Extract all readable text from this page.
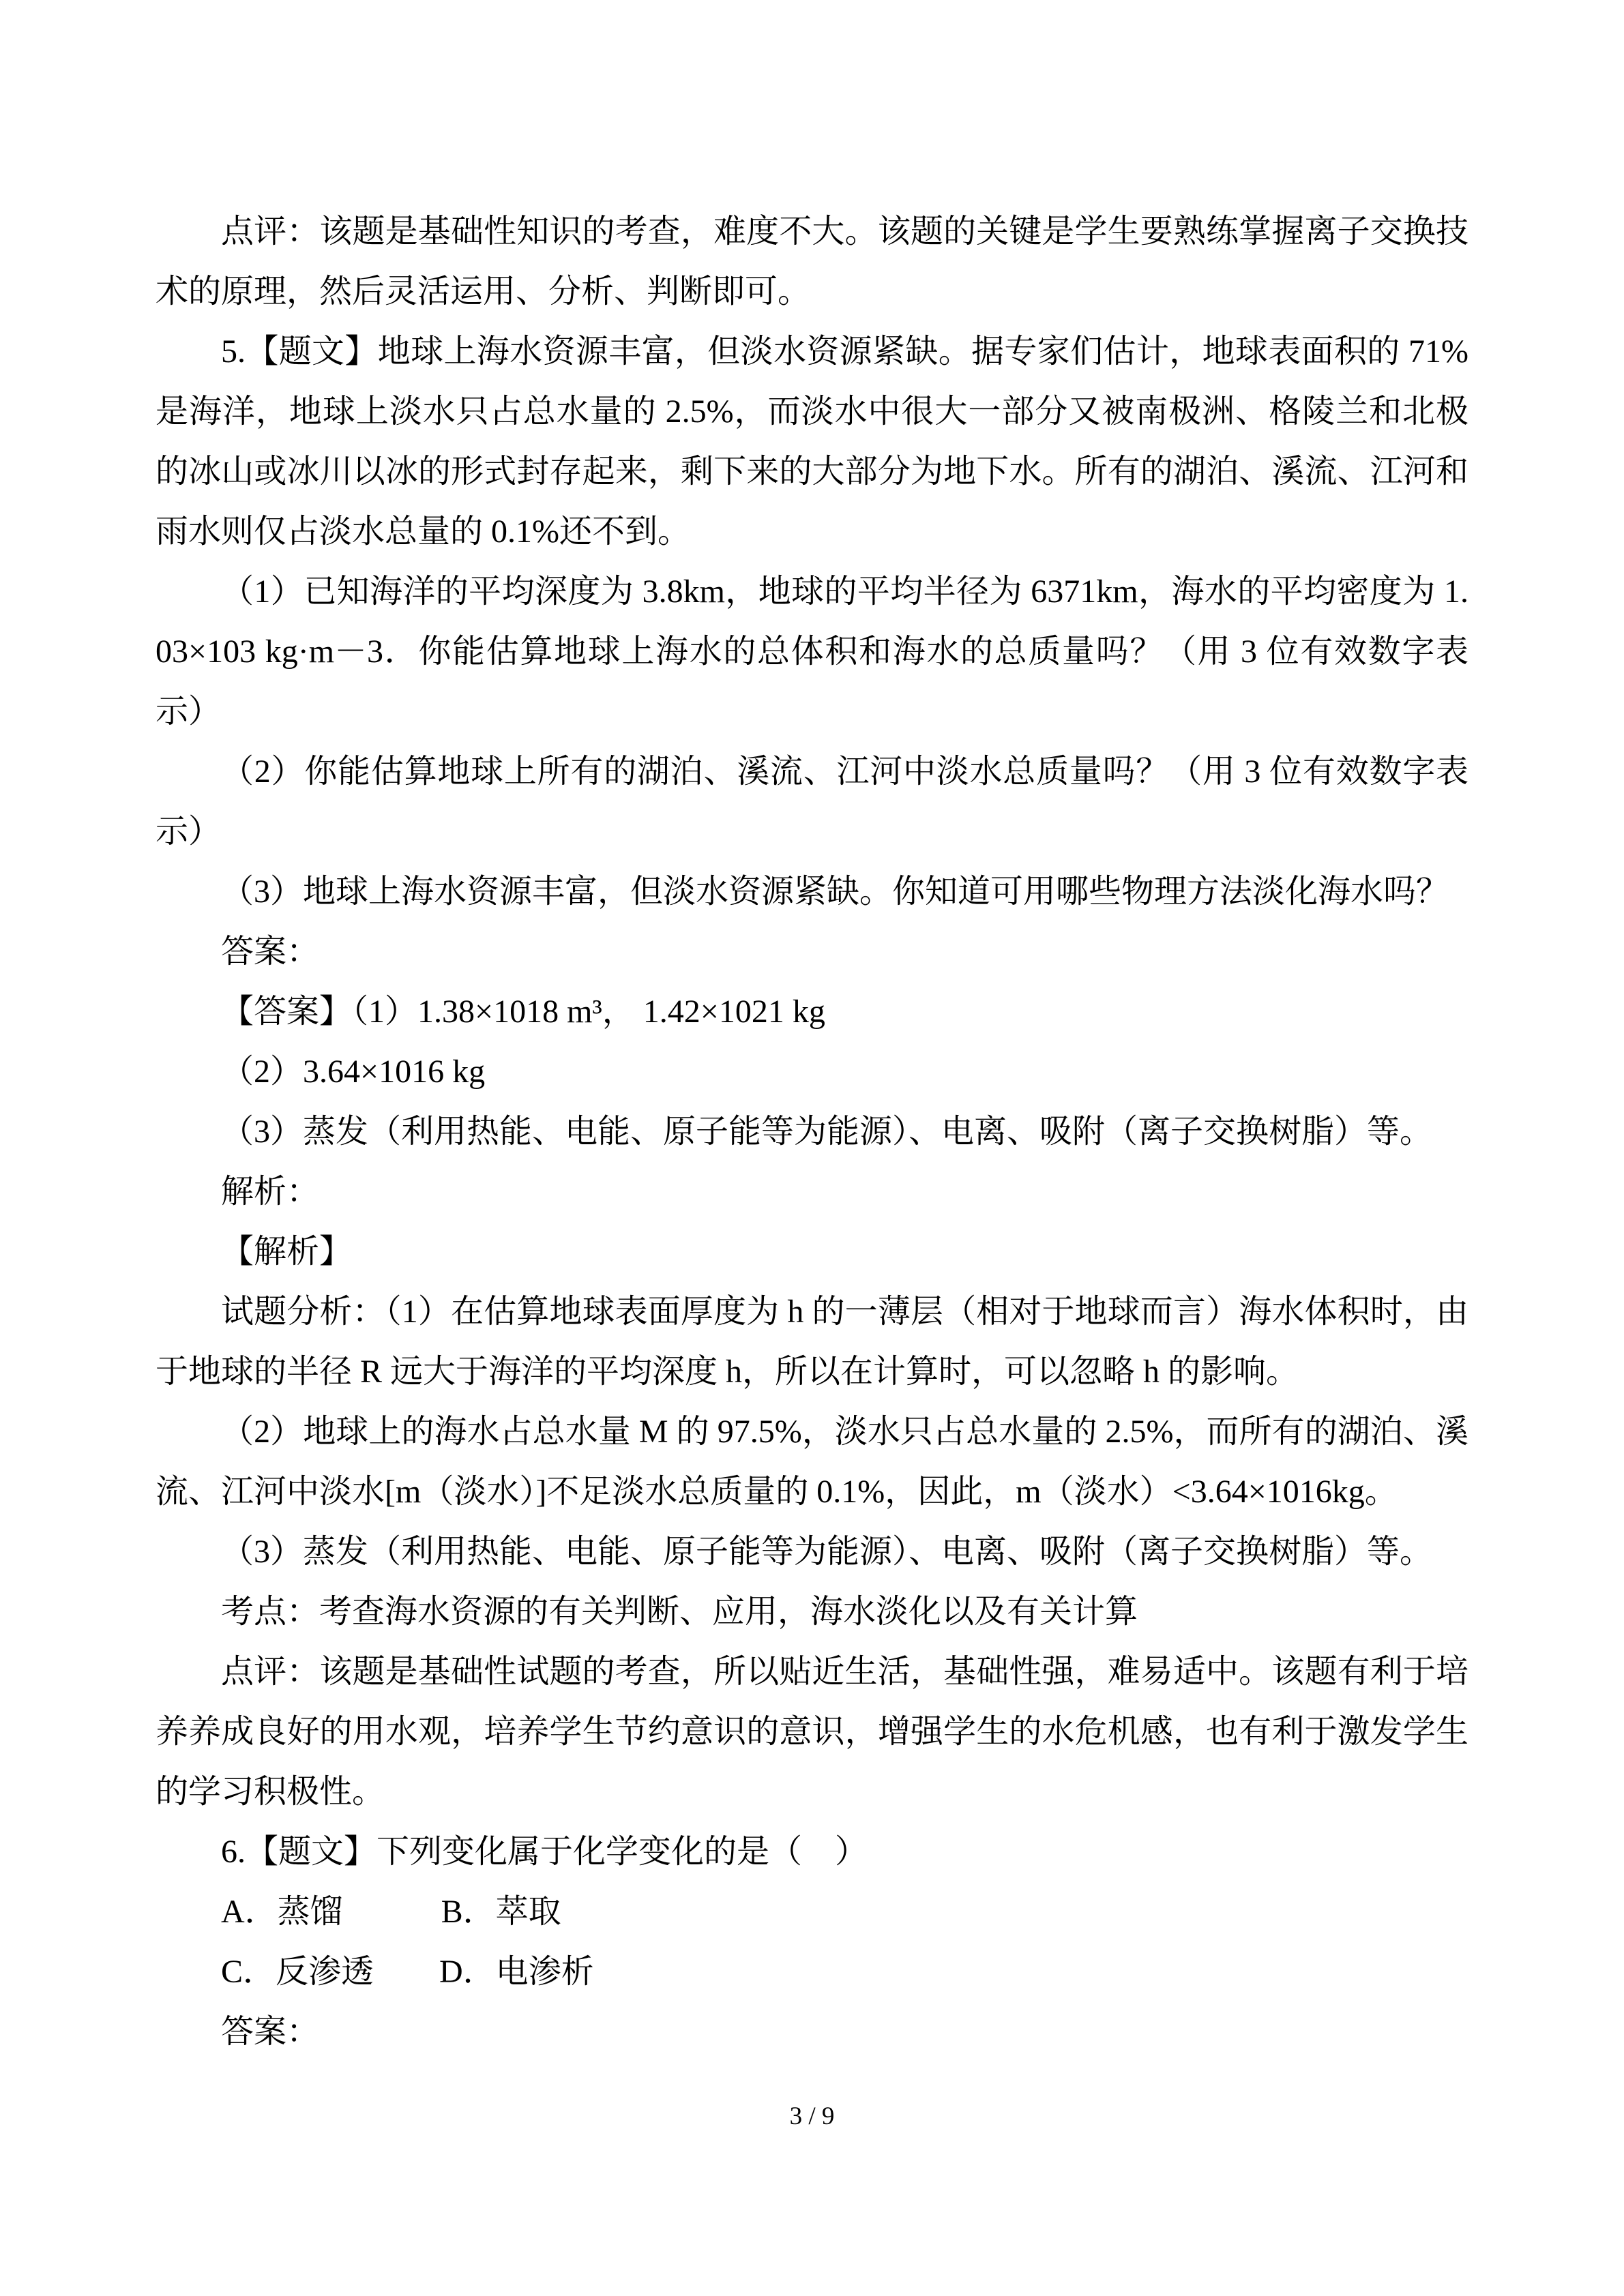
点评：该题是基础性知识的考查，难度不大。该题的关键是学生要熟练掌握离子交换技术的原理，然后灵活运用、分析、判断即可。

5.【题文】地球上海水资源丰富，但淡水资源紧缺。据专家们估计，地球表面积的 71%是海洋，地球上淡水只占总水量的 2.5%，而淡水中很大一部分又被南极洲、格陵兰和北极的冰山或冰川以冰的形式封存起来，剩下来的大部分为地下水。所有的湖泊、溪流、江河和雨水则仅占淡水总量的 0.1%还不到。

（1）已知海洋的平均深度为 3.8km，地球的平均半径为 6371km，海水的平均密度为 1.03×103 kg·m－3．你能估算地球上海水的总体积和海水的总质量吗？（用 3 位有效数字表示）

（2）你能估算地球上所有的湖泊、溪流、江河中淡水总质量吗？（用 3 位有效数字表示）

（3）地球上海水资源丰富，但淡水资源紧缺。你知道可用哪些物理方法淡化海水吗？

答案：

【答案】（1）1.38×1018 m³， 1.42×1021 kg

（2）3.64×1016 kg

（3）蒸发（利用热能、电能、原子能等为能源）、电离、吸附（离子交换树脂）等。

解析：

【解析】

试题分析：（1）在估算地球表面厚度为 h 的一薄层（相对于地球而言）海水体积时，由于地球的半径 R 远大于海洋的平均深度 h，所以在计算时，可以忽略 h 的影响。

（2）地球上的海水占总水量 M 的 97.5%，淡水只占总水量的 2.5%，而所有的湖泊、溪流、江河中淡水[m（淡水）]不足淡水总质量的 0.1%，因此，m（淡水）<3.64×1016kg。

（3）蒸发（利用热能、电能、原子能等为能源）、电离、吸附（离子交换树脂）等。

考点：考查海水资源的有关判断、应用，海水淡化以及有关计算

点评：该题是基础性试题的考查，所以贴近生活，基础性强，难易适中。该题有利于培养养成良好的用水观，培养学生节约意识的意识，增强学生的水危机感，也有利于激发学生的学习积极性。

6.【题文】下列变化属于化学变化的是（　）

A．蒸馏　　　B．萃取

C．反渗透　　D．电渗析

答案：

3 / 9
